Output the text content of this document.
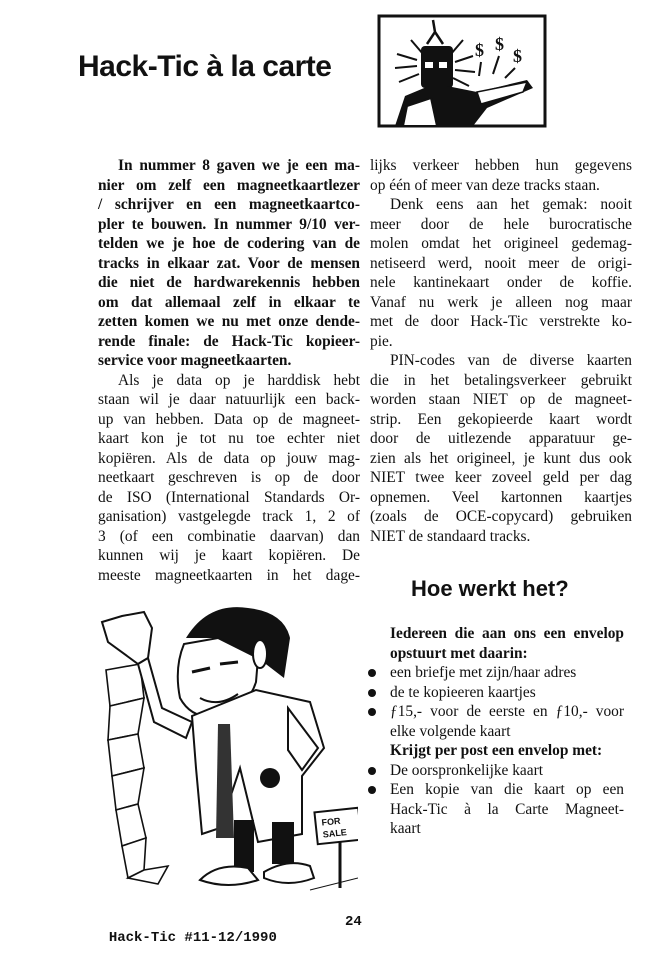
Hack-Tic à la carte	$ $
$
In nummer 8 gaven we je een ma-
nier om zelf een magneetkaartlezer
/ schrijver en een magneetkaartco-
pler te bouwen. In nummer 9/10 ver-
telden we je hoe de codering van de
tracks in elkaar zat. Voor de mensen
die niet de hardwarekennis hebben
om dat allemaal zelf in elkaar te
zetten komen we nu met onze dende-
rende finale: de Hack-Tic kopieer-
service voor magneetkaarten.
Als je data op je harddisk hebt
staan wil je daar natuurlijk een back-
up van hebben. Data op de magneet-
kaart kon je tot nu toe echter niet
kopiëren. Als de data op jouw mag-
neetkaart geschreven is op de door
de ISO (International Standards Or-
ganisation) vastgelegde track 1, 2 of
3 (of een combinatie daarvan) dan
kunnen wij je kaart kopiëren. De
meeste magneetkaarten in het dage-
lijks verkeer hebben hun gegevens
op één of meer van deze tracks staan.
Denk eens aan het gemak: nooit
meer door de hele burocratische
molen omdat het origineel gedemag-
netiseerd werd, nooit meer de origi-
nele kantinekaart onder de koffie.
Vanaf nu werk je alleen nog maar
met de door Hack-Tic verstrekte ko-
pie.
PIN-codes van de diverse kaarten
die in het betalingsverkeer gebruikt
worden staan NIET op de magneet-
strip. Een gekopieerde kaart wordt
door de uitlezende apparatuur ge-
zien als het origineel, je kunt dus ook
NIET twee keer zoveel geld per dag
opnemen. Veel kartonnen kaartjes
(zoals de OCE-copycard) gebruiken
NIET de standaard tracks.
Hoe werkt het?
Iedereen die aan ons een envelop
opstuurt met daarin:
een briefje met zijn/haar adres
de te kopieeren kaartjes
ƒ15,- voor de eerste en ƒ10,- voor
elke volgende kaart
Krijgt per post een envelop met:
De oorspronkelijke kaart
Een kopie van die kaart op een
Hack-Tic à la Carte Magneet-
kaart
FOR
SALE

Hack-Tic #11-12/1990

24
